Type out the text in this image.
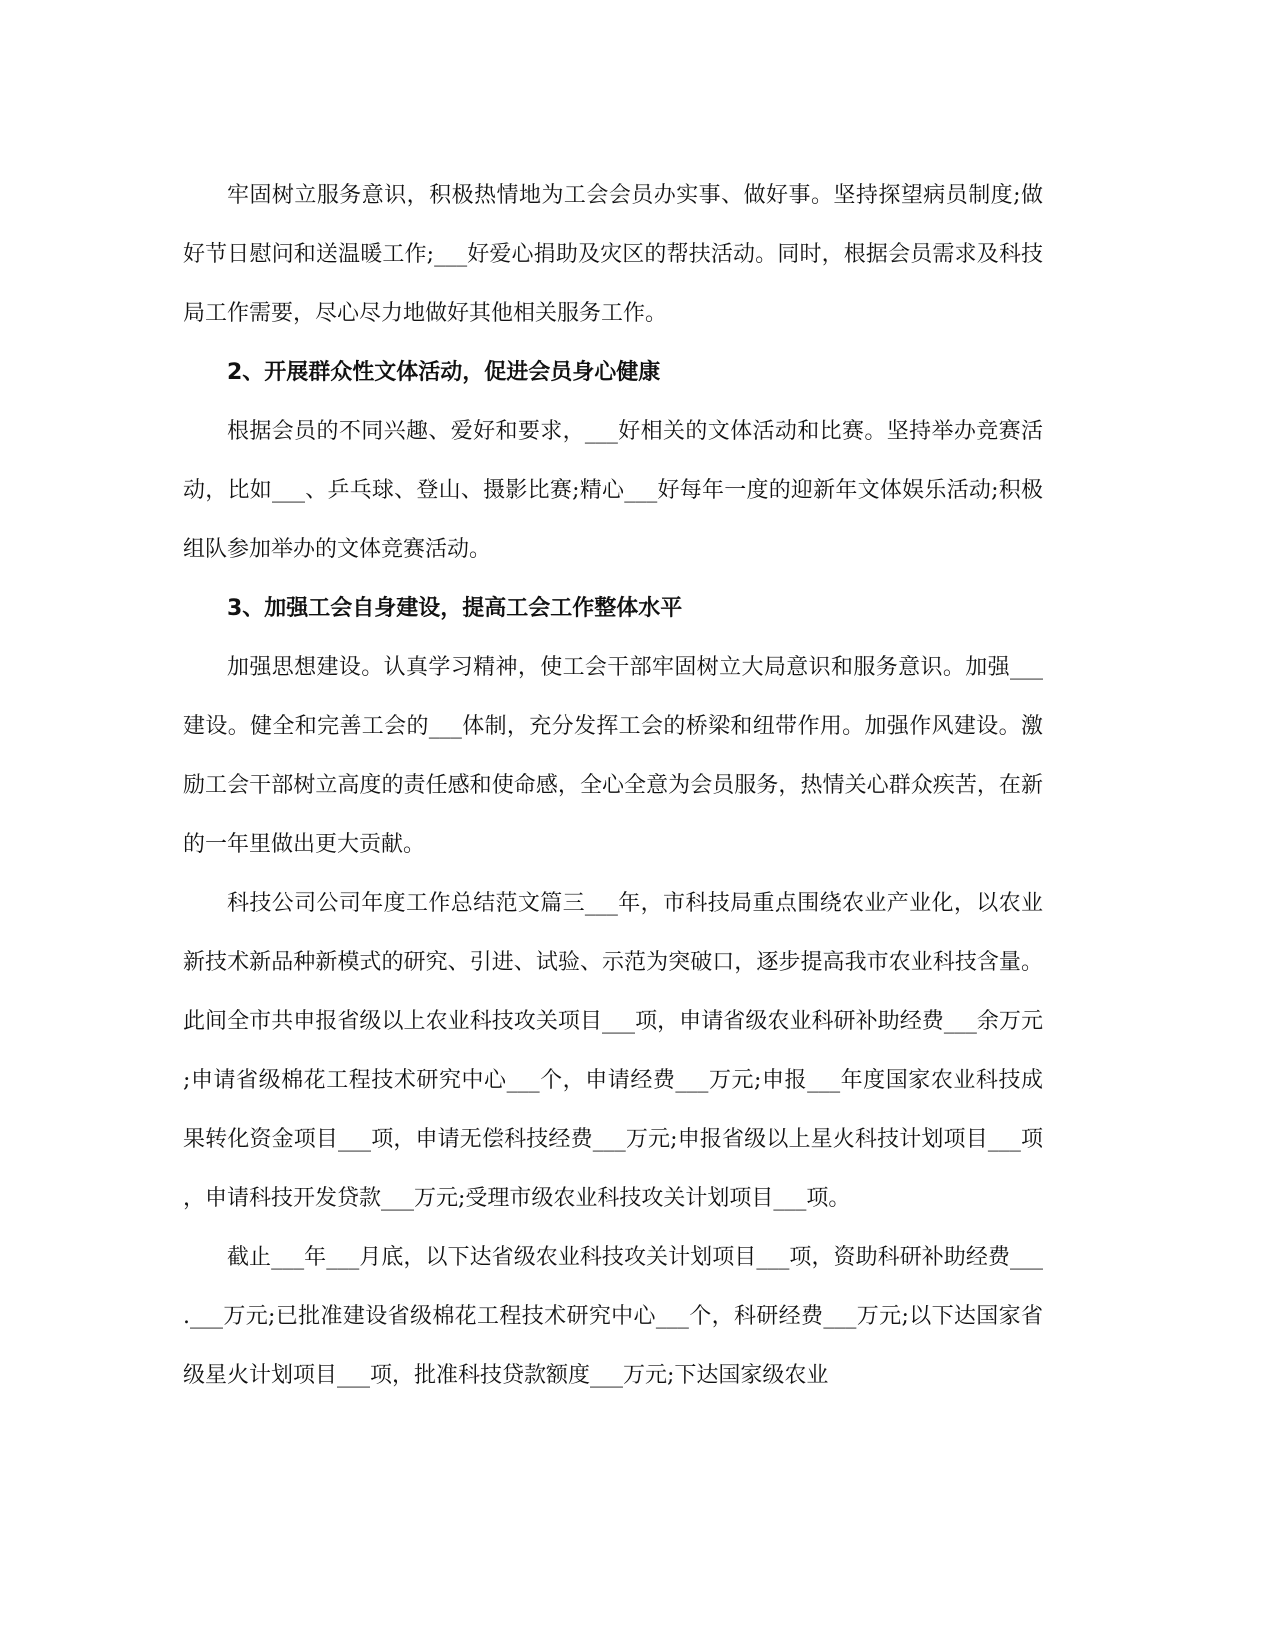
牢固树立服务意识，积极热情地为工会会员办实事、做好事。坚持探望病员制度;做好节日慰问和送温暖工作;___好爱心捐助及灾区的帮扶活动。同时，根据会员需求及科技局工作需要，尽心尽力地做好其他相关服务工作。

2、开展群众性文体活动，促进会员身心健康

根据会员的不同兴趣、爱好和要求，___好相关的文体活动和比赛。坚持举办竞赛活动，比如___、乒乓球、登山、摄影比赛;精心___好每年一度的迎新年文体娱乐活动;积极组队参加举办的文体竞赛活动。

3、加强工会自身建设，提高工会工作整体水平

加强思想建设。认真学习精神，使工会干部牢固树立大局意识和服务意识。加强___建设。健全和完善工会的___体制，充分发挥工会的桥梁和纽带作用。加强作风建设。激励工会干部树立高度的责任感和使命感，全心全意为会员服务，热情关心群众疾苦，在新的一年里做出更大贡献。

科技公司公司年度工作总结范文篇三___年，市科技局重点围绕农业产业化，以农业新技术新品种新模式的研究、引进、试验、示范为突破口，逐步提高我市农业科技含量。此间全市共申报省级以上农业科技攻关项目___项，申请省级农业科研补助经费___余万元;申请省级棉花工程技术研究中心___个，申请经费___万元;申报___年度国家农业科技成果转化资金项目___项，申请无偿科技经费___万元;申报省级以上星火科技计划项目___项，申请科技开发贷款___万元;受理市级农业科技攻关计划项目___项。

截止___年___月底，以下达省级农业科技攻关计划项目___项，资助科研补助经费___.___万元;已批准建设省级棉花工程技术研究中心___个，科研经费___万元;以下达国家省级星火计划项目___项，批准科技贷款额度___万元;下达国家级农业
